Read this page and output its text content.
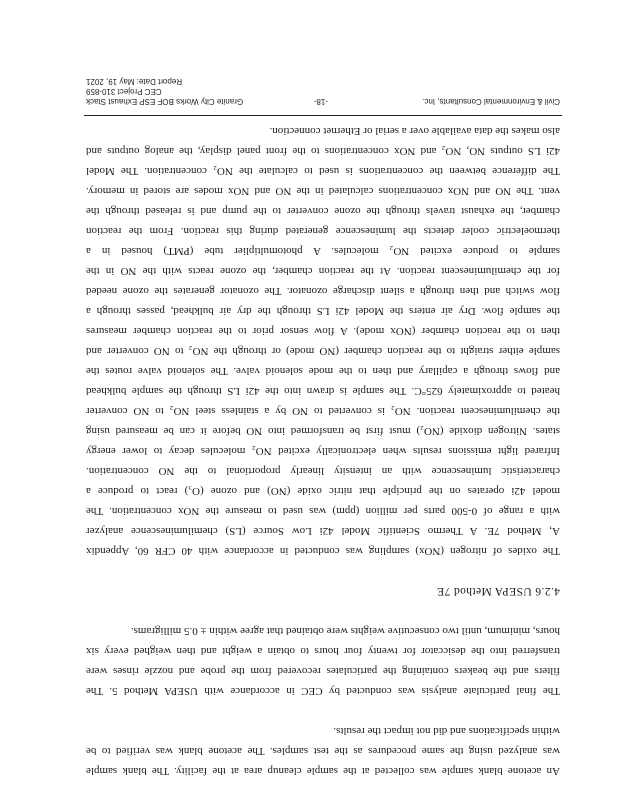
An acetone blank sample was collected at the sample cleanup area at the facility. The blank sample
was analyzed using the same procedures as the test samples. The acetone blank was verified to be
within specifications and did not impact the results.
The final particulate analysis was conducted by CEC in accordance with USEPA Method 5. The
filters and the beakers containing the particulates recovered from the probe and nozzle rinses were
transferred into the desiccator for twenty four hours to obtain a weight and then weighed every six
hours, minimum, until two consecutive weights were obtained that agree within ± 0.5 milligrams.
4.2.6 USEPA Method 7E
The oxides of nitrogen (NOx) sampling was conducted in accordance with 40 CFR 60, Appendix
A, Method 7E. A Thermo Scientific Model 42i Low Source (LS) chemiluminescence analyzer
with a range of 0-500 parts per million (ppm) was used to measure the NOx concentration. The
model 42i operates on the principle that nitric oxide (NO) and ozone (O₃) react to produce a
characteristic luminescence with an intensity linearly proportional to the NO concentration.
Infrared light emissions results when electronically excited NO₂ molecules decay to lower energy
states. Nitrogen dioxide (NO₂) must first be transformed into NO before it can be measured using
the chemiluminescent reaction. NO₂ is converted to NO by a stainless steel NO₂ to NO converter
heated to approximately 625°C. The sample is drawn into the 42i LS through the sample bulkhead
and flows through a capillary and then to the mode solenoid valve. The solenoid valve routes the
sample either straight to the reaction chamber (NO mode) or through the NO₂ to NO converter and
then to the reaction chamber (NOx mode). A flow sensor prior to the reaction chamber measures
the sample flow. Dry air enters the Model 42i LS through the dry air bulkhead, passes through a
flow switch and then through a silent discharge ozonator. The ozonator generates the ozone needed
for the chemiluminescent reaction. At the reaction chamber, the ozone reacts with the NO in the
sample to produce excited NO₂ molecules. A photomultiplier tube (PMT) housed in a
thermoelectric cooler detects the luminescence generated during this reaction. From the reaction
chamber, the exhaust travels through the ozone converter to the pump and is released through the
vent. The NO and NOx concentrations calculated in the NO and NOx modes are stored in memory.
The difference between the concentrations is used to calculate the NO₂ concentration. The Model
42i LS outputs NO, NO₂ and NOx concentrations to the front panel display, the analog outputs and
also makes the data available over a serial or Ethernet connection.
Civil & Environmental Consultants, Inc.
-18-
Granite City Works BOF ESP Exhaust Stack
CEC Project 310-859
Report Date: May 19, 2021
